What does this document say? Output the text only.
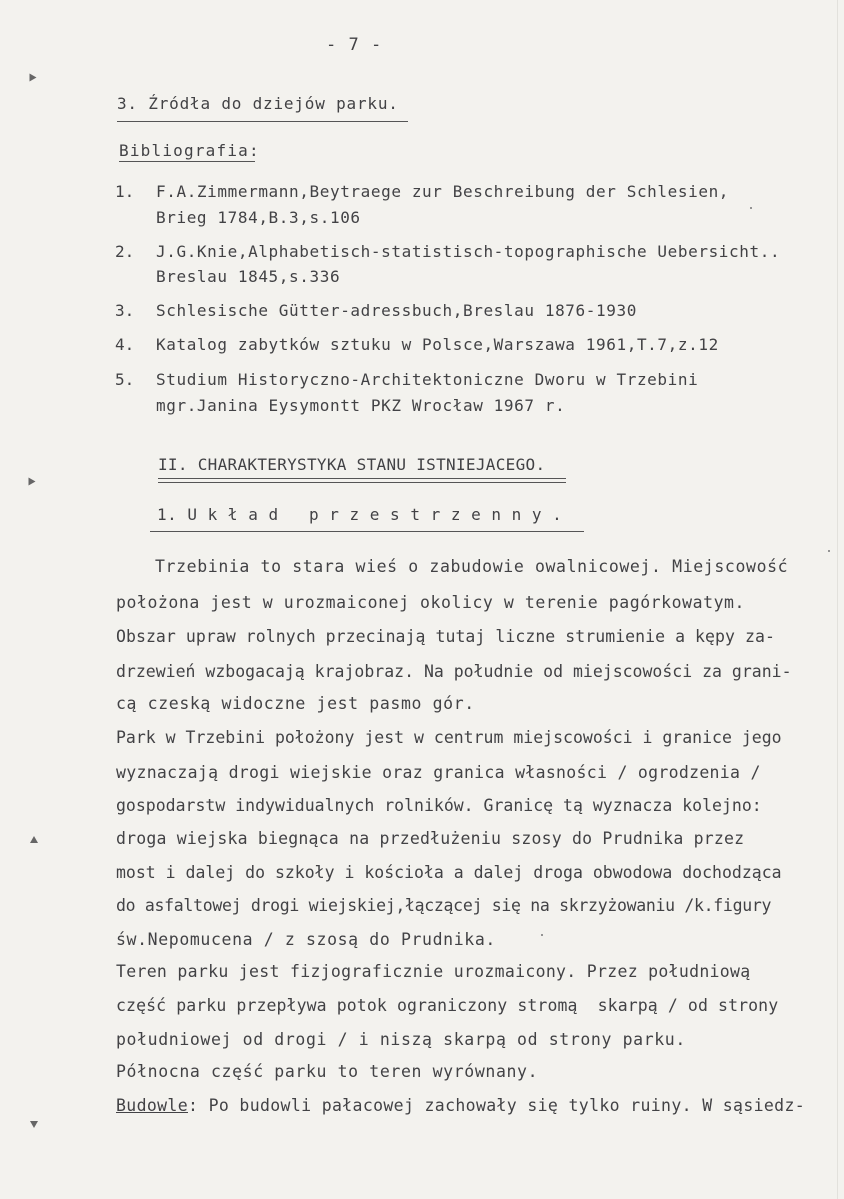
- 7 -
3. Źródła do dziejów parku.
Bibliografia:
1. F.A.Zimmermann,Beytraege zur Beschreibung der Schlesien,
Brieg 1784,B.3,s.106
2. J.G.Knie,Alphabetisch-statistisch-topographische Uebersicht..
Breslau 1845,s.336
3. Schlesische Gütter-adressbuch,Breslau 1876-1930
4. Katalog zabytków sztuku w Polsce,Warszawa 1961,T.7,z.12
5. Studium Historyczno-Architektoniczne Dworu w Trzebini
mgr.Janina Eysymontt PKZ Wrocław 1967 r.
II. CHARAKTERYSTYKA STANU ISTNIEJACEGO.
1. U k ł a d   p r z e s t r z e n n y .
Trzebinia to stara wieś o zabudowie owalnicowej. Miejscowość
położona jest w urozmaiconej okolicy w terenie pagórkowatym.
Obszar upraw rolnych przecinają tutaj liczne strumienie a kępy za-
drzewień wzbogacają krajobraz. Na południe od miejscowości za grani-
cą czeską widoczne jest pasmo gór.
Park w Trzebini położony jest w centrum miejscowości i granice jego
wyznaczają drogi wiejskie oraz granica własności / ogrodzenia /
gospodarstw indywidualnych rolników. Granicę tą wyznacza kolejno:
droga wiejska biegnąca na przedłużeniu szosy do Prudnika przez
most i dalej do szkoły i kościoła a dalej droga obwodowa dochodząca
do asfaltowej drogi wiejskiej,łączącej się na skrzyżowaniu /k.figury
św.Nepomucena / z szosą do Prudnika.
Teren parku jest fizjograficznie urozmaicony. Przez południową
część parku przepływa potok ograniczony stromą  skarpą / od strony
południowej od drogi / i niszą skarpą od strony parku.
Północna część parku to teren wyrównany.
Budowle: Po budowli pałacowej zachowały się tylko ruiny. W sąsiedz-
